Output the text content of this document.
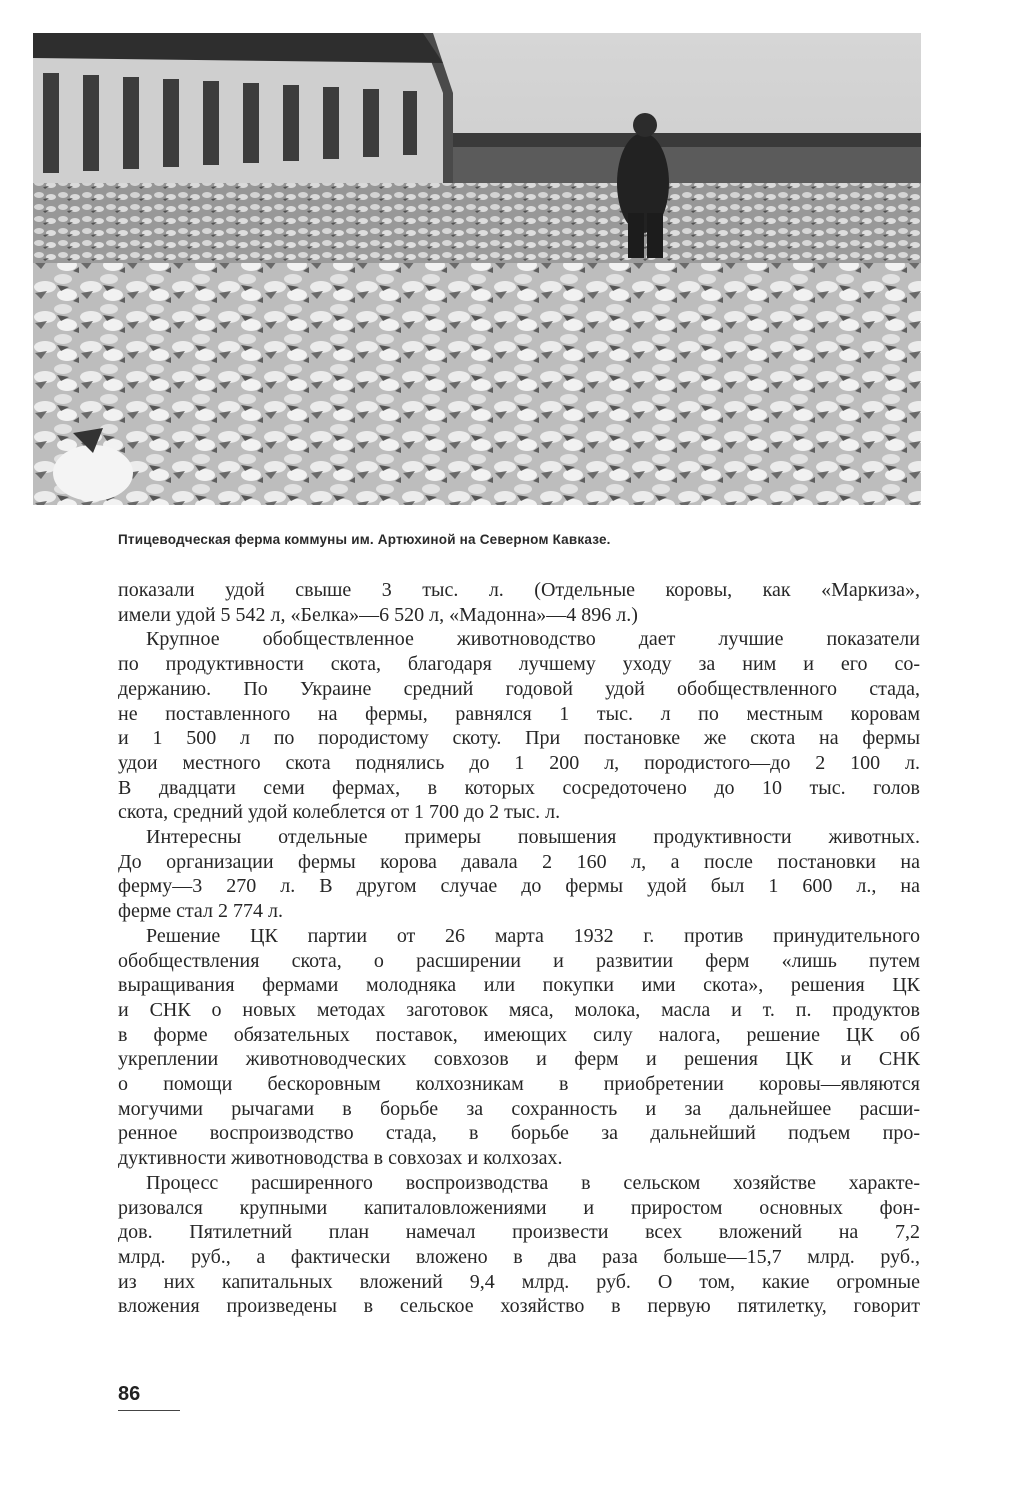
Птицеводческая ферма коммуны им. Артюхиной на Северном Кавказе.

показали удой свыше 3 тыс. л. (Отдельные коровы, как «Маркиза»,
имели удой 5 542 л, «Белка»—6 520 л, «Мадонна»—4 896 л.)

Крупное обобществленное животноводство дает лучшие показатели
по продуктивности скота, благодаря лучшему уходу за ним и его со-
держанию. По Украине средний годовой удой обобществленного стада,
не поставленного на фермы, равнялся 1 тыс. л по местным коровам
и 1 500 л по породистому скоту. При постановке же скота на фермы
удои местного скота поднялись до 1 200 л, породистого—до 2 100 л.
В двадцати семи фермах, в которых сосредоточено до 10 тыс. голов
скота, средний удой колеблется от 1 700 до 2 тыс. л.

Интересны отдельные примеры повышения продуктивности животных.
До организации фермы корова давала 2 160 л, а после постановки на
ферму—3 270 л. В другом случае до фермы удой был 1 600 л., на
ферме стал 2 774 л.

Решение ЦК партии от 26 марта 1932 г. против принудительного
обобществления скота, о расширении и развитии ферм «лишь путем
выращивания фермами молодняка или покупки ими скота», решения ЦК
и СНК о новых методах заготовок мяса, молока, масла и т. п. продуктов
в форме обязательных поставок, имеющих силу налога, решение ЦК об
укреплении животноводческих совхозов и ферм и решения ЦК и СНК
о помощи бескоровным колхозникам в приобретении коровы—являются
могучими рычагами в борьбе за сохранность и за дальнейшее расши-
ренное воспроизводство стада, в борьбе за дальнейший подъем про-
дуктивности животноводства в совхозах и колхозах.

Процесс расширенного воспроизводства в сельском хозяйстве характе-
ризовался крупными капиталовложениями и приростом основных фон-
дов. Пятилетний план намечал произвести всех вложений на 7,2
млрд. руб., а фактически вложено в два раза больше—15,7 млрд. руб.,
из них капитальных вложений 9,4 млрд. руб. О том, какие огромные
вложения произведены в сельское хозяйство в первую пятилетку, говорит

86
